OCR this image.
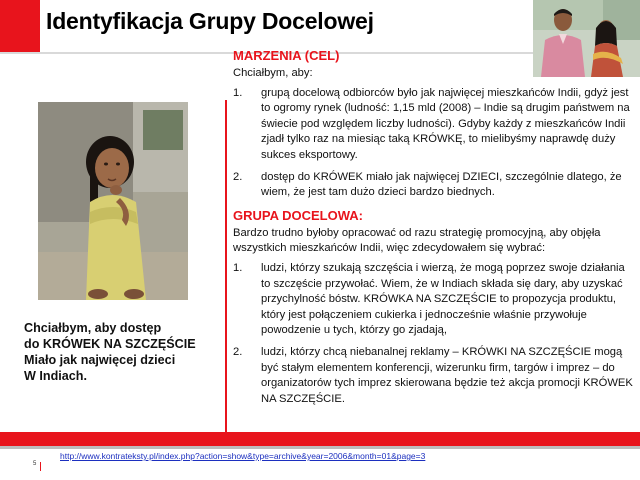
Identyfikacja Grupy Docelowej
Chciałbym, aby dostęp
do KRÓWEK NA SZCZĘŚCIE
Miało jak najwięcej dzieci
W Indiach.
MARZENIA (CEL)
Chciałbym, aby:
1.	grupą docelową odbiorców było jak najwięcej mieszkańców Indii, gdyż jest to ogromy rynek (ludność: 1,15 mld (2008) – Indie są drugim państwem na świecie pod względem liczby ludności). Gdyby każdy z mieszkańców Indii zjadł tylko raz na miesiąc taką KRÓWKĘ, to mielibyśmy naprawdę duży sukces eksportowy.
2.	dostęp do KRÓWEK miało jak najwięcej DZIECI, szczególnie dlatego, że wiem, że jest tam dużo dzieci bardzo biednych.
GRUPA DOCELOWA:
Bardzo trudno byłoby opracować od razu strategię promocyjną, aby objęła wszystkich mieszkańców Indii, więc zdecydowałem się wybrać:
1.	ludzi, którzy szukają szczęścia i wierzą, że mogą poprzez swoje działania to szczęście przywołać. Wiem, że w Indiach składa się dary, aby uzyskać przychylność bóstw. KRÓWKA NA SZCZĘŚCIE to propozycja produktu, który jest połączeniem cukierka i jednocześnie właśnie przywołuje powodzenie u tych, którzy go zjadają,
2.	ludzi, którzy chcą niebanalnej reklamy – KRÓWKI NA SZCZĘŚCIE mogą być stałym elementem konferencji, wizerunku firm, targów i imprez – do organizatorów tych imprez skierowana będzie też akcja promocji KRÓWEK NA SZCZĘŚCIE.
http://www.kontrateksty.pl/index.php?action=show&type=archive&year=2006&month=01&page=3
5
